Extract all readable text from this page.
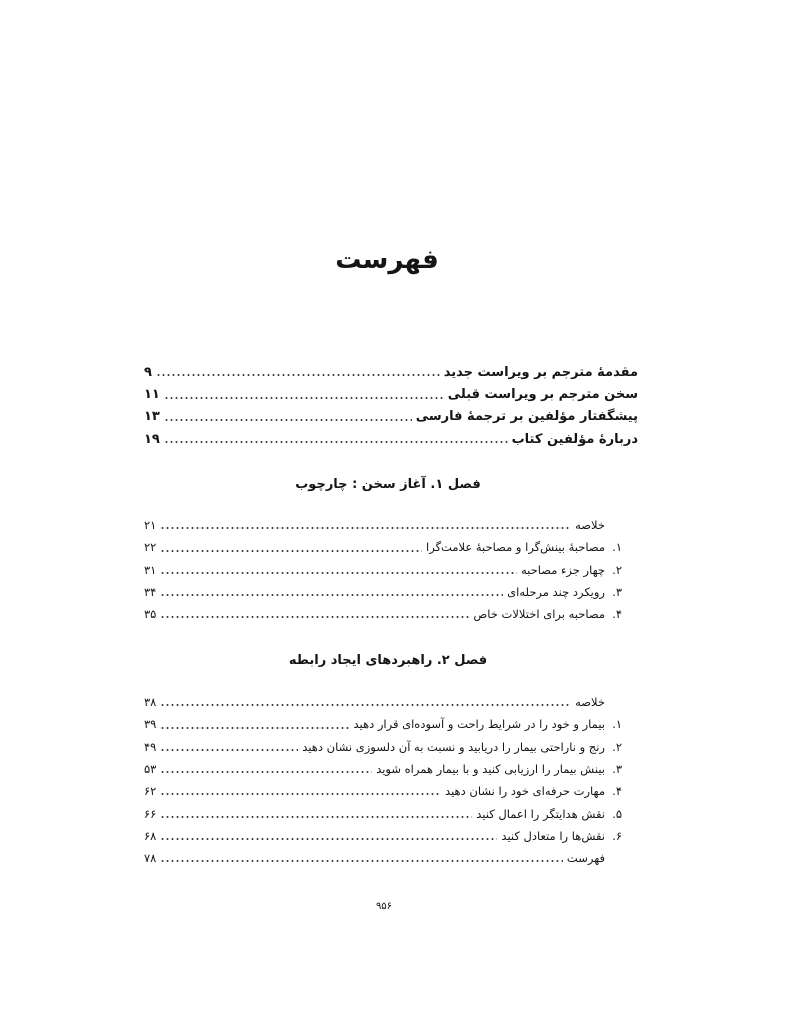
فهرست
مقدمهٔ مترجم بر ویراست جدید
۹
سخن مترجم بر ویراست قبلی
۱۱
پیشگفتار مؤلفین بر ترجمهٔ فارسی
۱۳
دربارهٔ مؤلفین کتاب
۱۹
فصل ۱. آغاز سخن : چارچوب
خلاصه
۲۱
۱.
مصاحبهٔ بینش‌گرا و مصاحبهٔ علامت‌گرا
۲۲
۲.
چهار جزء مصاحبه
۳۱
۳.
رویکرد چند مرحله‌ای
۳۴
۴.
مصاحبه برای اختلالات خاص
۳۵
فصل ۲. راهبردهای ایجاد رابطه
خلاصه
۳۸
۱.
بیمار و خود را در شرایط راحت و آسوده‌ای قرار دهید
۳۹
۲.
رنج و ناراحتی بیمار را دریابید و نسبت به آن دلسوزی نشان دهید
۴۹
۳.
بینش بیمار را ارزیابی کنید و با بیمار همراه شوید
۵۳
۴.
مهارت حرفه‌ای خود را نشان دهید
۶۲
۵.
نقش هدایتگر را اعمال کنید
۶۶
۶.
نقش‌ها را متعادل کنید
۶۸
فهرست
۷۸
۹۵۶
